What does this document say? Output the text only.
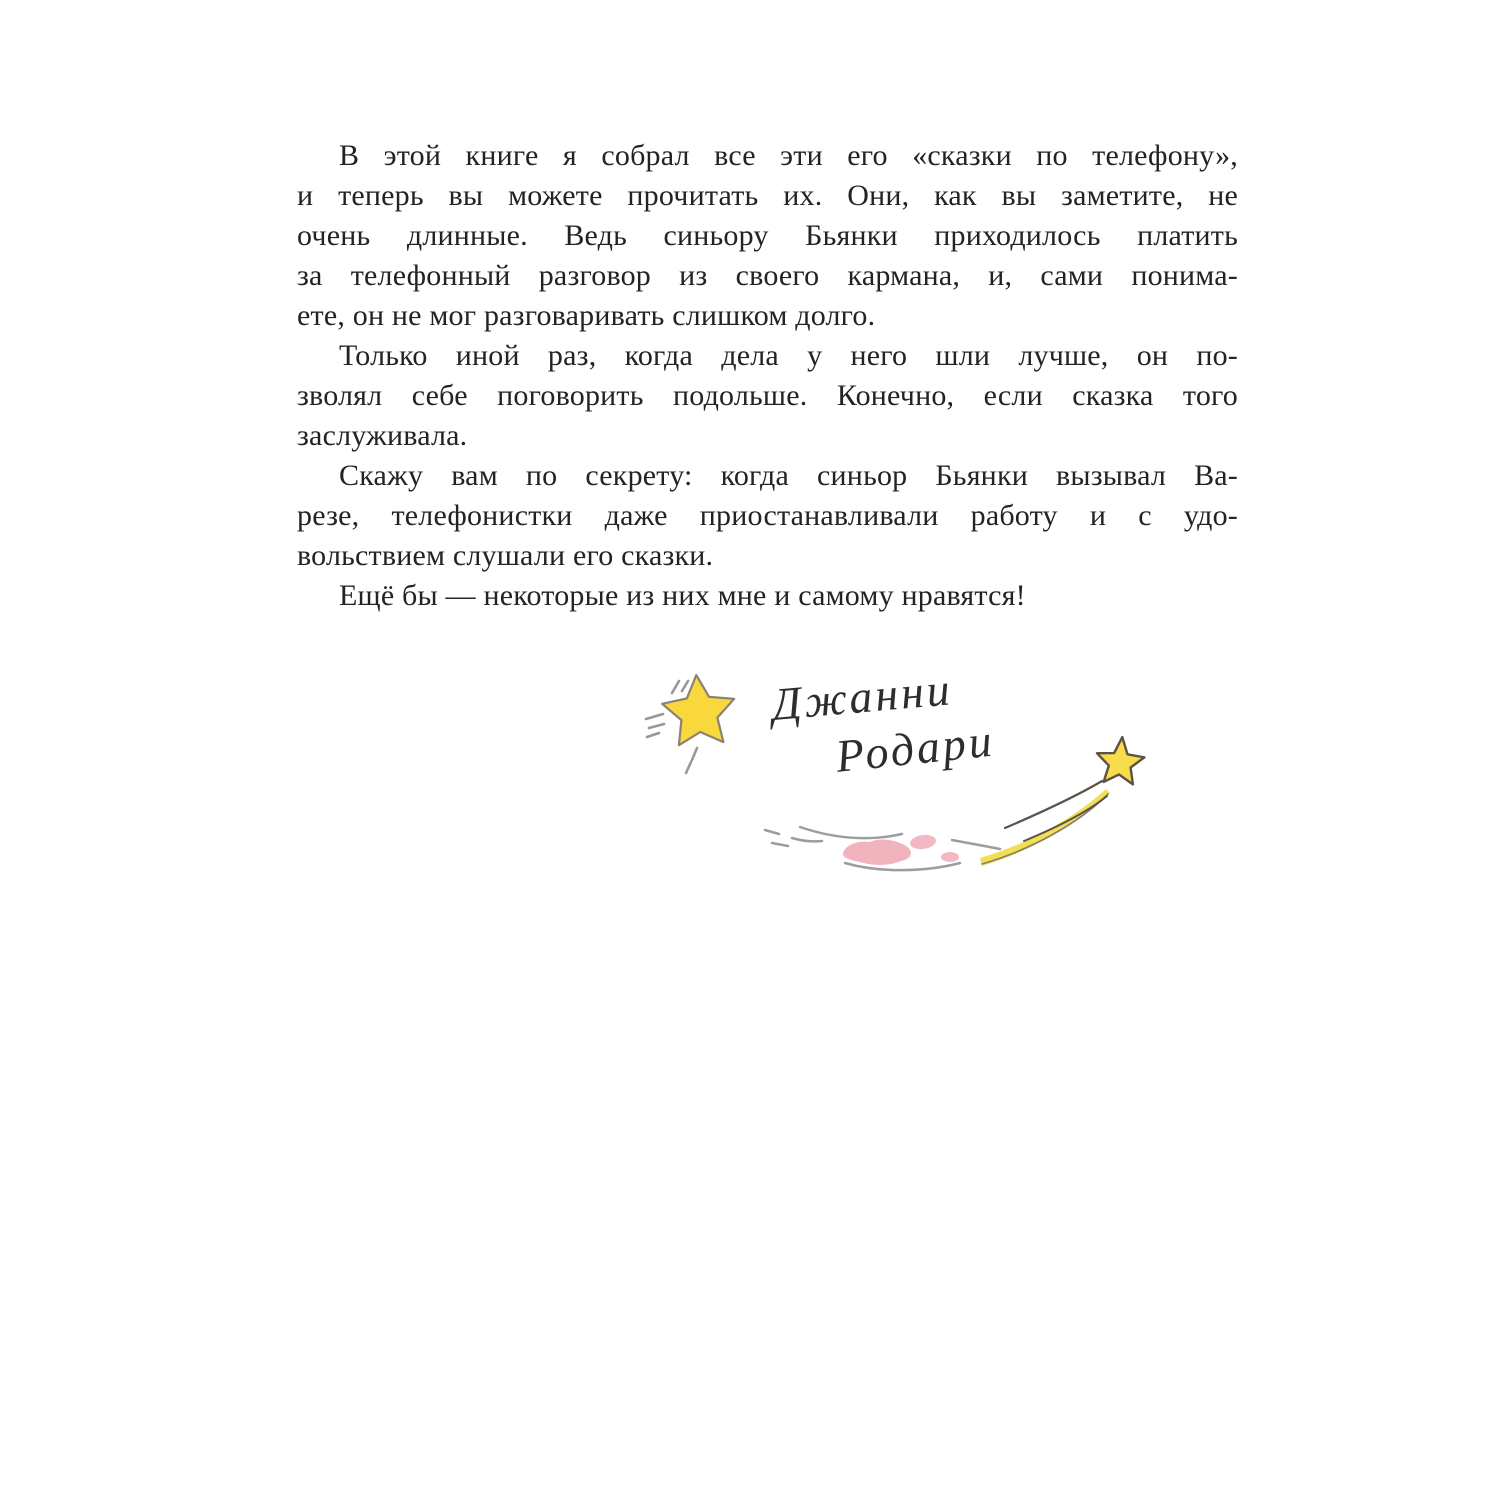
В этой книге я собрал все эти его «сказки по телефону»,
и теперь вы можете прочитать их. Они, как вы заметите, не
очень длинные. Ведь синьору Бьянки приходилось платить
за телефонный разговор из своего кармана, и, сами понима-
ете, он не мог разговаривать слишком долго.
Только иной раз, когда дела у него шли лучше, он по-
зволял себе поговорить подольше. Конечно, если сказка того
заслуживала.
Скажу вам по секрету: когда синьор Бьянки вызывал Ва-
резе, телефонистки даже приостанавливали работу и с удо-
вольствием слушали его сказки.
Ещё бы — некоторые из них мне и самому нравятся!
Джанни
Родари
